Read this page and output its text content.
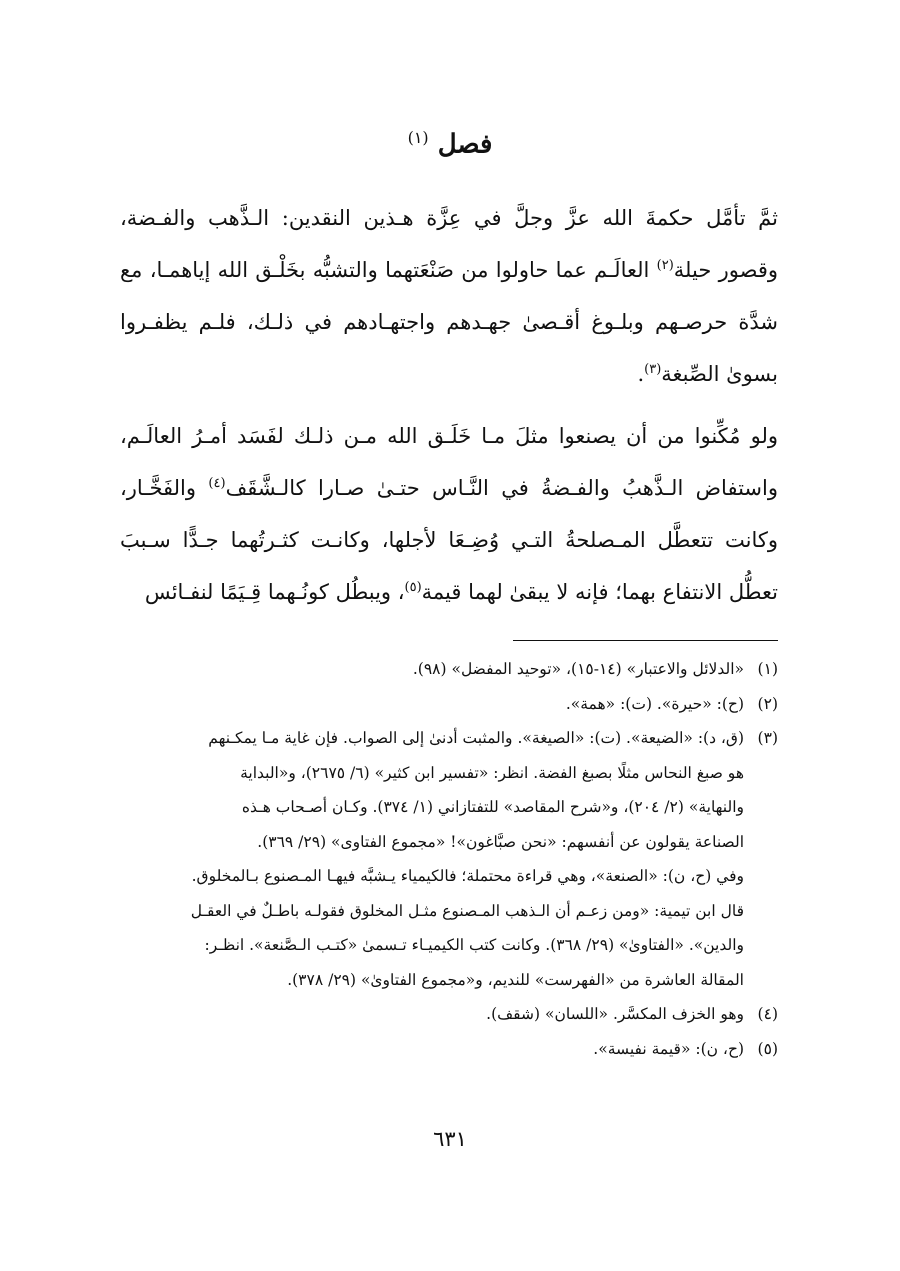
فصل $^{(١)}$
ثمَّ تأمَّل حكمةَ الله عزَّ وجلَّ في عِزَّة هـذين النقدين: الـذَّهب والفـضة، وقصور حيلة$^{(٢)}$ العالَـم عما حاولوا من صَنْعَتهما والتشبُّه بخَلْـق الله إياهمـا، مع شدَّة حرصـهم وبلـوغ أقـصىٰ جهـدهم واجتهـادهم في ذلـك، فلـم يظفـروا بسوىٰ الصِّبغة$^{(٣)}$.
ولو مُكِّنوا من أن يصنعوا مثلَ مـا خَلَـق الله مـن ذلـك لفَسَد أمـرُ العالَـم، واستفاض الـذَّهبُ والفـضةُ في النَّـاس حتـىٰ صـارا كالـشَّقَف$^{(٤)}$ والفَخَّـار، وكانت تتعطَّل المـصلحةُ التـي وُضِـعَا لأجلها، وكانـت كثـرتُهما جـدًّا سـببَ تعطُّل الانتفاع بهما؛ فإنه لا يبقىٰ لهما قيمة$^{(٥)}$، ويبطُل كونُـهما قِـيَمًا لنفـائس
(١)
«الدلائل والاعتبار» (١٤-١٥)، «توحيد المفضل» (٩٨).
(٢)
(ح): «حيرة». (ت): «همة».
(٣)
(ق، د): «الضيعة». (ت): «الصيغة». والمثبت أدنىٰ إلى الصواب. فإن غاية مـا يمكـنهم
هو صبغ النحاس مثلًا بصبغ الفضة. انظر: «تفسير ابن كثير» (٦/ ٢٦٧٥)، و«البداية
والنهاية» (٢/ ٢٠٤)، و«شرح المقاصد» للتفتازاني (١/ ٣٧٤). وكـان أصـحاب هـذه
الصناعة يقولون عن أنفسهم: «نحن صبَّاغون»! «مجموع الفتاوى» (٢٩/ ٣٦٩).
وفي (ح، ن): «الصنعة»، وهي قراءة محتملة؛ فالكيمياء يـشبَّه فيهـا المـصنوع بـالمخلوق.
قال ابن تيمية: «ومن زعـم أن الـذهب المـصنوع مثـل المخلوق فقولـه باطـلٌ في العقـل
والدين». «الفتاوىٰ» (٢٩/ ٣٦٨). وكانت كتب الكيميـاء تـسمىٰ «كتـب الـصَّنعة». انظـر:
المقالة العاشرة من «الفهرست» للنديم، و«مجموع الفتاوىٰ» (٢٩/ ٣٧٨).
(٤)
وهو الخزف المكسَّر. «اللسان» (شقف).
(٥)
(ح، ن): «قيمة نفيسة».
٦٣١
